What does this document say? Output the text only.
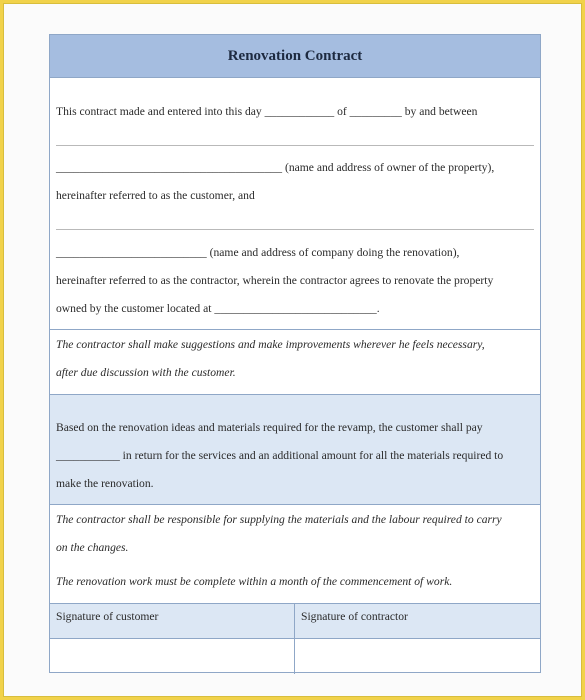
Renovation Contract
This contract made and entered into this day ____________ of _________ by and between
_______________________________________ (name and address of owner of the property),
hereinafter referred to as the customer, and
__________________________ (name and address of company doing the renovation),
hereinafter referred to as the contractor, wherein the contractor agrees to renovate the property
owned by the customer located at ____________________________.
The contractor shall make suggestions and make improvements wherever he feels necessary,
after due discussion with the customer.
Based on the renovation ideas and materials required for the revamp, the customer shall pay
___________ in return for the services and an additional amount for all the materials required to
make the renovation.
The contractor shall be responsible for supplying the materials and the labour required to carry
on the changes.
The renovation work must be complete within a month of the commencement of work.
Signature of customer	Signature of contractor
